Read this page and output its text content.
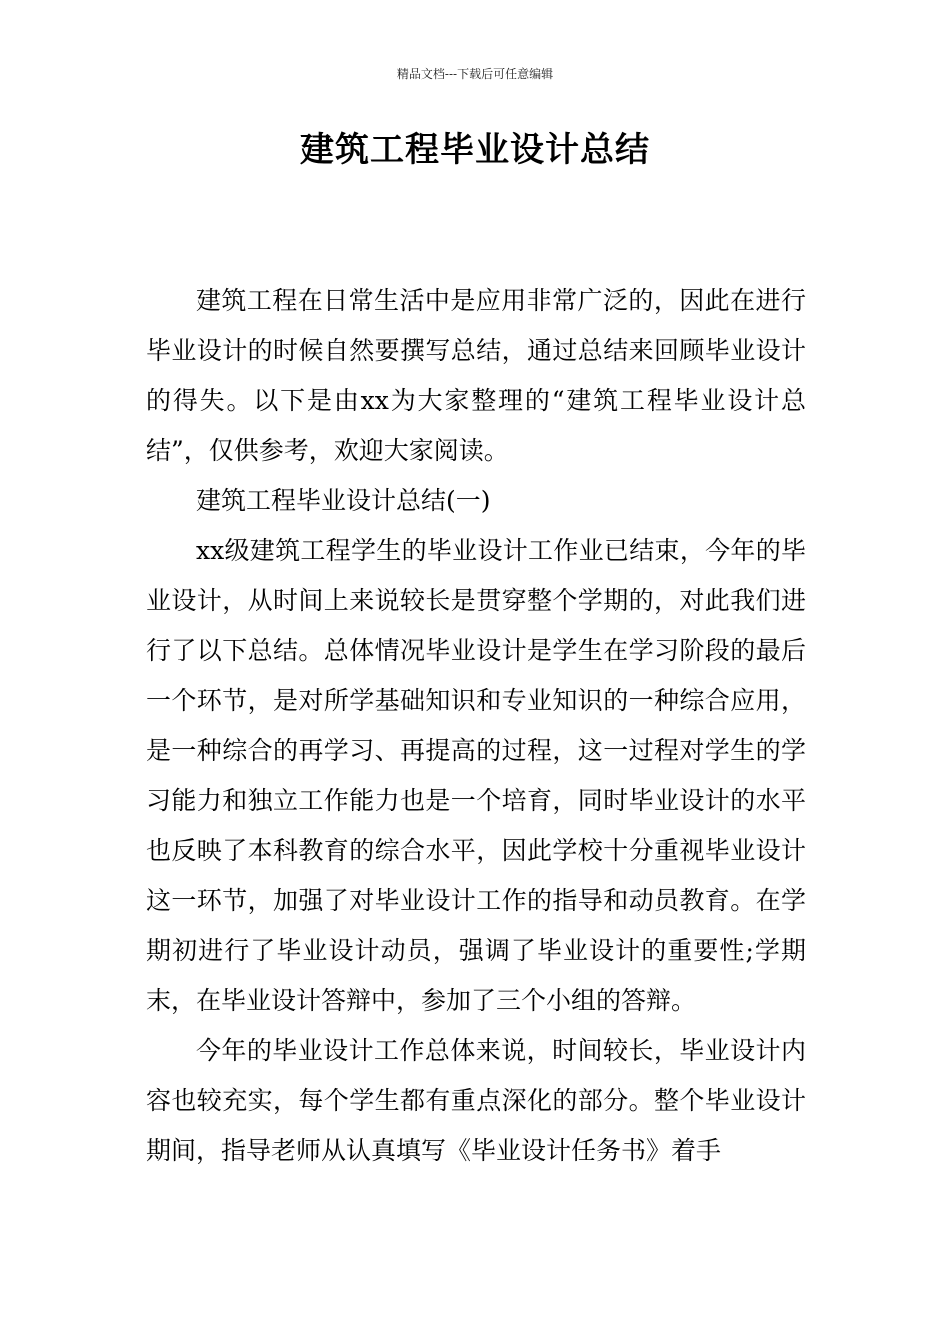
精品文档---下载后可任意编辑
建筑工程毕业设计总结

建筑工程在日常生活中是应用非常广泛的，因此在进行毕业设计的时候自然要撰写总结，通过总结来回顾毕业设计的得失。以下是由xx为大家整理的“建筑工程毕业设计总结”，仅供参考，欢迎大家阅读。

建筑工程毕业设计总结(一)

xx级建筑工程学生的毕业设计工作业已结束，今年的毕业设计，从时间上来说较长是贯穿整个学期的，对此我们进行了以下总结。总体情况毕业设计是学生在学习阶段的最后一个环节，是对所学基础知识和专业知识的一种综合应用，是一种综合的再学习、再提高的过程，这一过程对学生的学习能力和独立工作能力也是一个培育，同时毕业设计的水平也反映了本科教育的综合水平，因此学校十分重视毕业设计这一环节，加强了对毕业设计工作的指导和动员教育。在学期初进行了毕业设计动员，强调了毕业设计的重要性;学期末，在毕业设计答辩中，参加了三个小组的答辩。

今年的毕业设计工作总体来说，时间较长，毕业设计内容也较充实，每个学生都有重点深化的部分。整个毕业设计期间，指导老师从认真填写《毕业设计任务书》着手
